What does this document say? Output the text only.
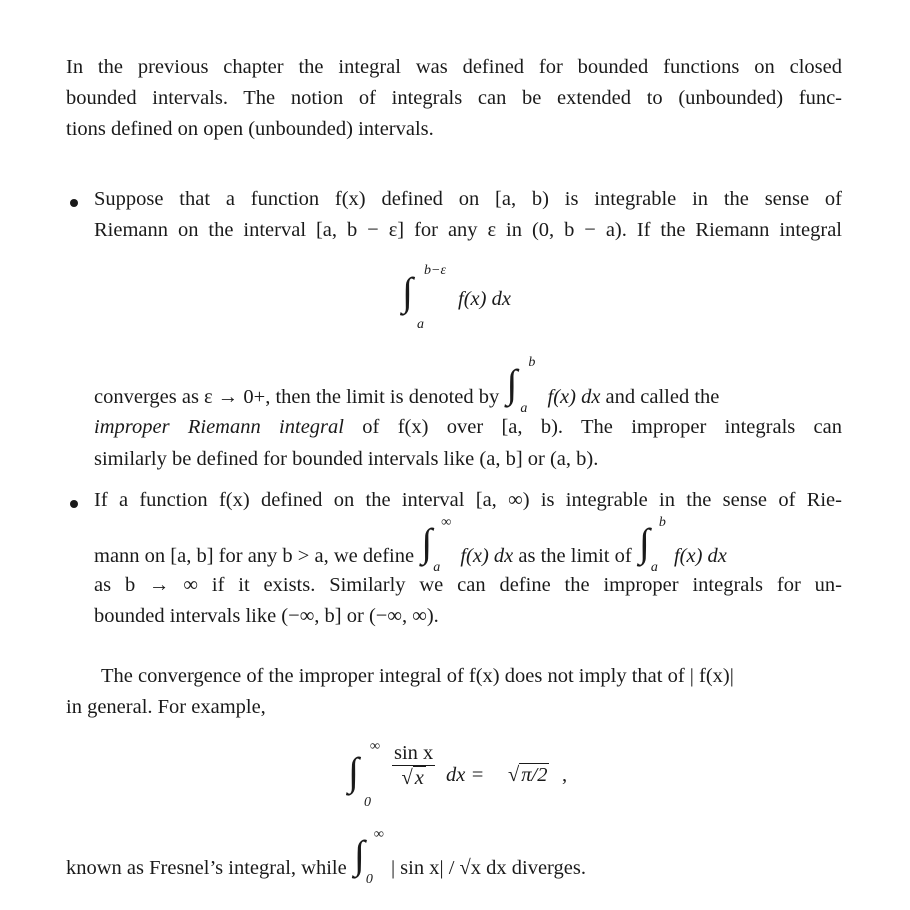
In the previous chapter the integral was defined for bounded functions on closed
bounded intervals. The notion of integrals can be extended to (unbounded) func-
tions defined on open (unbounded) intervals.
Suppose that a function f(x) defined on [a, b) is integrable in the sense of
Riemann on the interval [a, b − ε] for any ε in (0, b − a). If the Riemann integral
∫ b−ε
a
f(x) dx
converges as ε → 0+, then the limit is denoted by ∫ b
a
f(x) dx and called the
improper Riemann integral of f(x) over [a, b). The improper integrals can
similarly be defined for bounded intervals like (a, b] or (a, b).
If a function f(x) defined on the interval [a, ∞) is integrable in the sense of Rie-
mann on [a, b] for any b > a, we define ∫ ∞
a
f(x) dx as the limit of ∫ b
a
f(x) dx
as b → ∞ if it exists. Similarly we can define the improper integrals for un-
bounded intervals like (−∞, b] or (−∞, ∞).
The convergence of the improper integral of f(x) does not imply that of | f(x)|
in general. For example,
∫
∞
0
$\frac{\text{sin x}}{√x}$ dx = √π/2 ,
known as Fresnel’s integral, while ∫ ∞
0
| sin x| / √x dx diverges.
